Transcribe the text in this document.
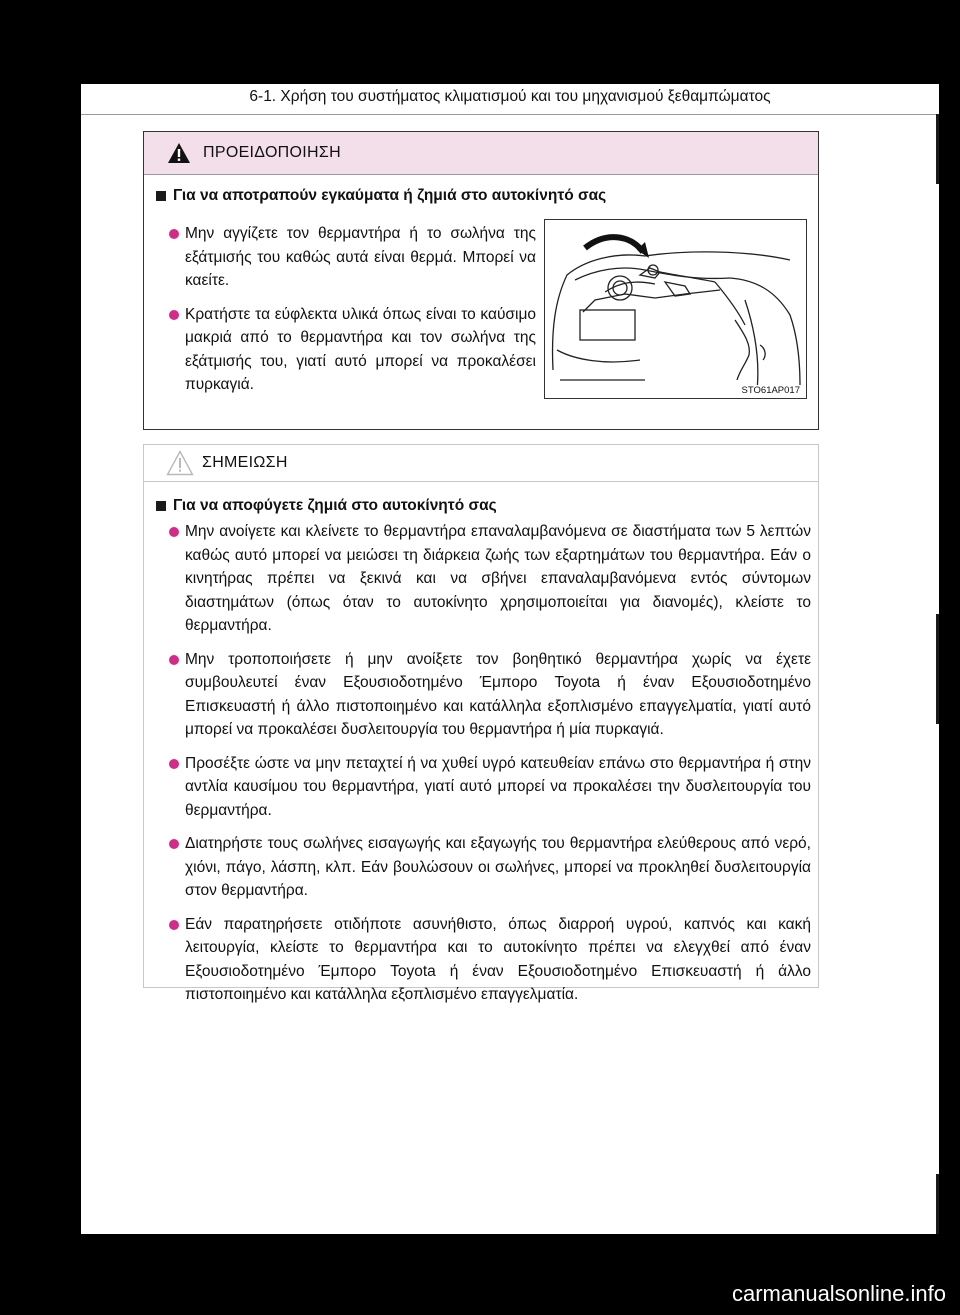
6-1. Χρήση του συστήματος κλιματισμού και του μηχανισμού ξεθαμπώματος
ΠΡΟΕΙΔΟΠΟΙΗΣΗ
Για να αποτραπούν εγκαύματα ή ζημιά στο αυτοκίνητό σας
Μην αγγίζετε τον θερμαντήρα ή το σωλήνα της εξάτμισής του καθώς αυτά είναι θερμά. Μπορεί να καείτε.
Κρατήστε τα εύφλεκτα υλικά όπως είναι το καύσιμο μακριά από το θερμαντήρα και τον σωλήνα της εξάτμισής του, γιατί αυτό μπορεί να προκαλέσει πυρκαγιά.	STO61AP017
ΣΗΜΕΙΩΣΗ
Για να αποφύγετε ζημιά στο αυτοκίνητό σας
Μην ανοίγετε και κλείνετε το θερμαντήρα επαναλαμβανόμενα σε διαστήματα των 5 λεπτών καθώς αυτό μπορεί να μειώσει τη διάρκεια ζωής των εξαρτημάτων του θερμαντήρα. Εάν ο κινητήρας πρέπει να ξεκινά και να σβήνει επαναλαμβανόμενα εντός σύντομων διαστημάτων (όπως όταν το αυτοκίνητο χρησιμοποιείται για διανομές), κλείστε το θερμαντήρα.
Μην τροποποιήσετε ή μην ανοίξετε τον βοηθητικό θερμαντήρα χωρίς να έχετε συμβουλευτεί έναν Εξουσιοδοτημένο Έμπορο Toyota ή έναν Εξουσιοδοτημένο Επισκευαστή ή άλλο πιστοποιημένο και κατάλληλα εξοπλισμένο επαγγελματία, γιατί αυτό μπορεί να προκαλέσει δυσλειτουργία του θερμαντήρα ή μία πυρκαγιά.
Προσέξτε ώστε να μην πεταχτεί ή να χυθεί υγρό κατευθείαν επάνω στο θερμαντήρα ή στην αντλία καυσίμου του θερμαντήρα, γιατί αυτό μπορεί να προκαλέσει την δυσλειτουργία του θερμαντήρα.
Διατηρήστε τους σωλήνες εισαγωγής και εξαγωγής του θερμαντήρα ελεύθερους από νερό, χιόνι, πάγο, λάσπη, κλπ. Εάν βουλώσουν οι σωλήνες, μπορεί να προκληθεί δυσλειτουργία στον θερμαντήρα.
Εάν παρατηρήσετε οτιδήποτε ασυνήθιστο, όπως διαρροή υγρού, καπνός και κακή λειτουργία, κλείστε το θερμαντήρα και το αυτοκίνητο πρέπει να ελεγχθεί από έναν Εξουσιοδοτημένο Έμπορο Toyota ή έναν Εξουσιοδοτημένο Επισκευαστή ή άλλο πιστοποιημένο και κατάλληλα εξοπλισμένο επαγγελματία.
carmanualsonline.info
